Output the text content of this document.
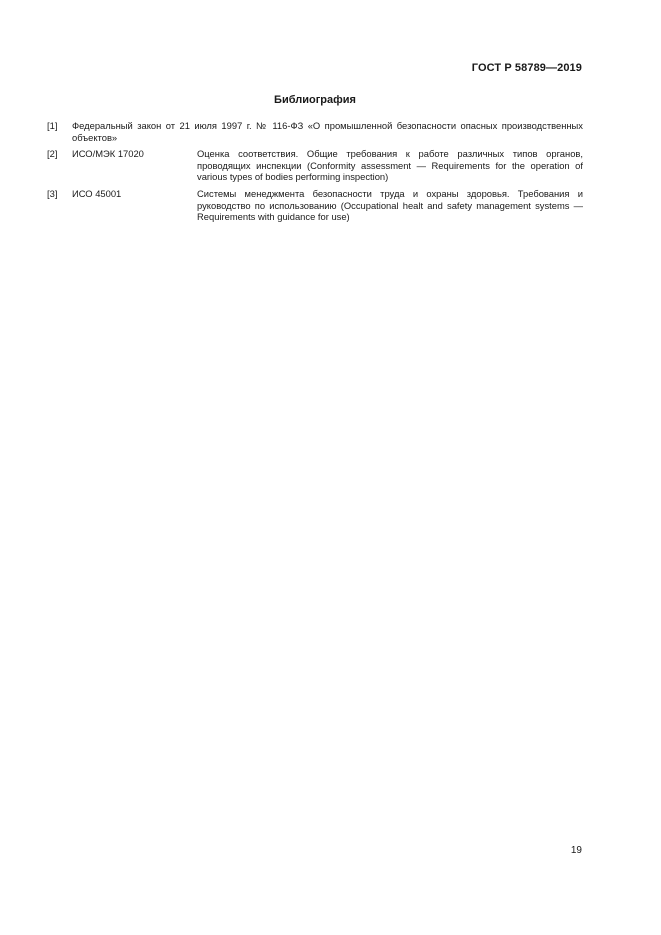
ГОСТ Р 58789—2019
Библиография
[1] Федеральный закон от 21 июля 1997 г. № 116-ФЗ «О промышленной безопасности опасных производственных объектов»
[2] ИСО/МЭК 17020	Оценка соответствия. Общие требования к работе различных типов органов, проводящих инспекции (Conformity assessment — Requirements for the operation of various types of bodies performing inspection)
[3] ИСО 45001	Системы менеджмента безопасности труда и охраны здоровья. Требования и руководство по использованию (Occupational healt and safety management systems — Requirements with guidance for use)
19
